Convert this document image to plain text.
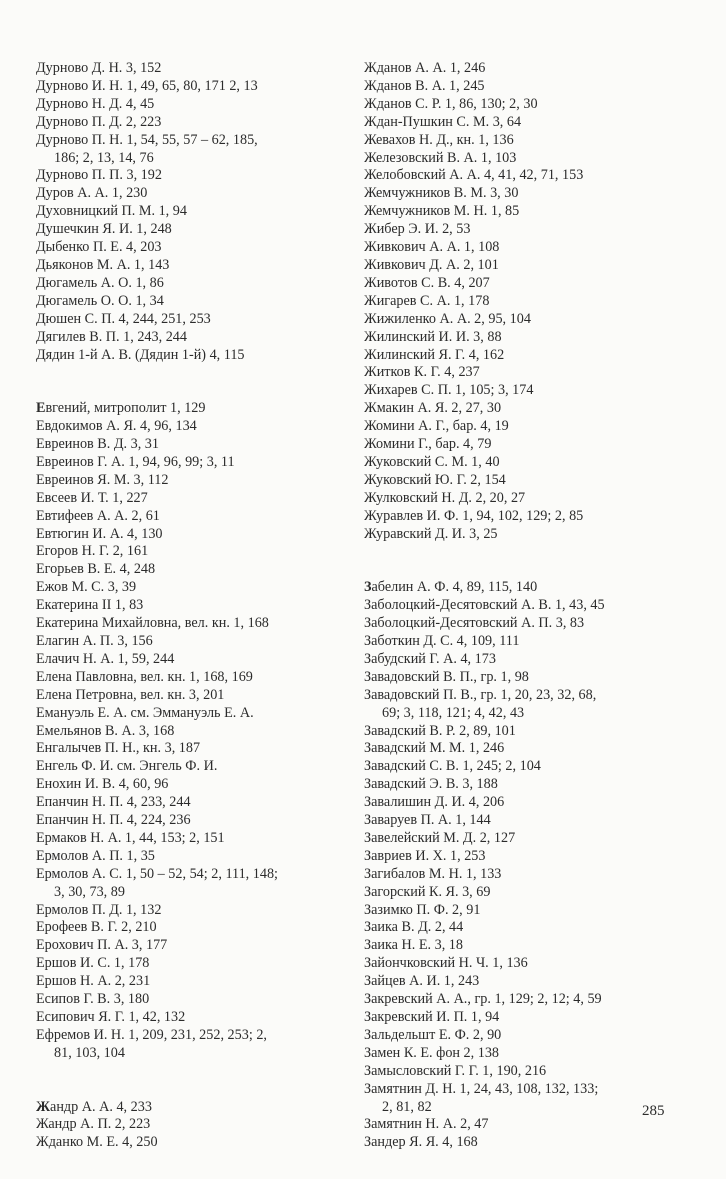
Дурново Д. Н. 3, 152
Дурново И. Н. 1, 49, 65, 80, 171 2, 13
Дурново Н. Д. 4, 45
Дурново П. Д. 2, 223
Дурново П. Н. 1, 54, 55, 57 – 62, 185,
186; 2, 13, 14, 76
Дурново П. П. 3, 192
Дуров А. А. 1, 230
Духовницкий П. М. 1, 94
Душечкин Я. И. 1, 248
Дыбенко П. Е. 4, 203
Дьяконов М. А. 1, 143
Дюгамель А. О. 1, 86
Дюгамель О. О. 1, 34
Дюшен С. П. 4, 244, 251, 253
Дягилев В. П. 1, 243, 244
Дядин 1-й А. В. (Дядин 1-й) 4, 115
Евгений, митрополит 1, 129
Евдокимов А. Я. 4, 96, 134
Евреинов В. Д. 3, 31
Евреинов Г. А. 1, 94, 96, 99; 3, 11
Евреинов Я. М. 3, 112
Евсеев И. Т. 1, 227
Евтифеев А. А. 2, 61
Евтюгин И. А. 4, 130
Егоров Н. Г. 2, 161
Егорьев В. Е. 4, 248
Ежов М. С. 3, 39
Екатерина II 1, 83
Екатерина Михайловна, вел. кн. 1, 168
Елагин А. П. 3, 156
Елачич Н. А. 1, 59, 244
Елена Павловна, вел. кн. 1, 168, 169
Елена Петровна, вел. кн. 3, 201
Емануэль Е. А. см. Эммануэль Е. А.
Емельянов В. А. 3, 168
Енгалычев П. Н., кн. 3, 187
Енгель Ф. И. см. Энгель Ф. И.
Енохин И. В. 4, 60, 96
Епанчин Н. П. 4, 233, 244
Епанчин Н. П. 4, 224, 236
Ермаков Н. А. 1, 44, 153; 2, 151
Ермолов А. П. 1, 35
Ермолов А. С. 1, 50 – 52, 54; 2, 111, 148;
3, 30, 73, 89
Ермолов П. Д. 1, 132
Ерофеев В. Г. 2, 210
Ерохович П. А. 3, 177
Ершов И. С. 1, 178
Ершов Н. А. 2, 231
Есипов Г. В. 3, 180
Есипович Я. Г. 1, 42, 132
Ефремов И. Н. 1, 209, 231, 252, 253; 2,
81, 103, 104
Жандр А. А. 4, 233
Жандр А. П. 2, 223
Жданко М. Е. 4, 250
Жданов А. А. 1, 246
Жданов В. А. 1, 245
Жданов С. Р. 1, 86, 130; 2, 30
Ждан-Пушкин С. М. 3, 64
Жевахов Н. Д., кн. 1, 136
Железовский В. А. 1, 103
Желобовский А. А. 4, 41, 42, 71, 153
Жемчужников В. М. 3, 30
Жемчужников М. Н. 1, 85
Жибер Э. И. 2, 53
Живкович А. А. 1, 108
Живкович Д. А. 2, 101
Животов С. В. 4, 207
Жигарев С. А. 1, 178
Жижиленко А. А. 2, 95, 104
Жилинский И. И. 3, 88
Жилинский Я. Г. 4, 162
Житков К. Г. 4, 237
Жихарев С. П. 1, 105; 3, 174
Жмакин А. Я. 2, 27, 30
Жомини А. Г., бар. 4, 19
Жомини Г., бар. 4, 79
Жуковский С. М. 1, 40
Жуковский Ю. Г. 2, 154
Жулковский Н. Д. 2, 20, 27
Журавлев И. Ф. 1, 94, 102, 129; 2, 85
Журавский Д. И. 3, 25
Забелин А. Ф. 4, 89, 115, 140
Заболоцкий-Десятовский А. В. 1, 43, 45
Заболоцкий-Десятовский А. П. 3, 83
Заботкин Д. С. 4, 109, 111
Забудский Г. А. 4, 173
Завадовский В. П., гр. 1, 98
Завадовский П. В., гр. 1, 20, 23, 32, 68,
69; 3, 118, 121; 4, 42, 43
Завадский В. Р. 2, 89, 101
Завадский М. М. 1, 246
Завадский С. В. 1, 245; 2, 104
Завадский Э. В. 3, 188
Завалишин Д. И. 4, 206
Заваруев П. А. 1, 144
Завелейский М. Д. 2, 127
Завриев И. Х. 1, 253
Загибалов М. Н. 1, 133
Загорский К. Я. 3, 69
Зазимко П. Ф. 2, 91
Заика В. Д. 2, 44
Заика Н. Е. 3, 18
Зайончковский Н. Ч. 1, 136
Зайцев А. И. 1, 243
Закревский А. А., гр. 1, 129; 2, 12; 4, 59
Закревский И. П. 1, 94
Зальдельшт Е. Ф. 2, 90
Замен К. Е. фон 2, 138
Замысловский Г. Г. 1, 190, 216
Замятнин Д. Н. 1, 24, 43, 108, 132, 133;
2, 81, 82
Замятнин Н. А. 2, 47
Зандер Я. Я. 4, 168
285
